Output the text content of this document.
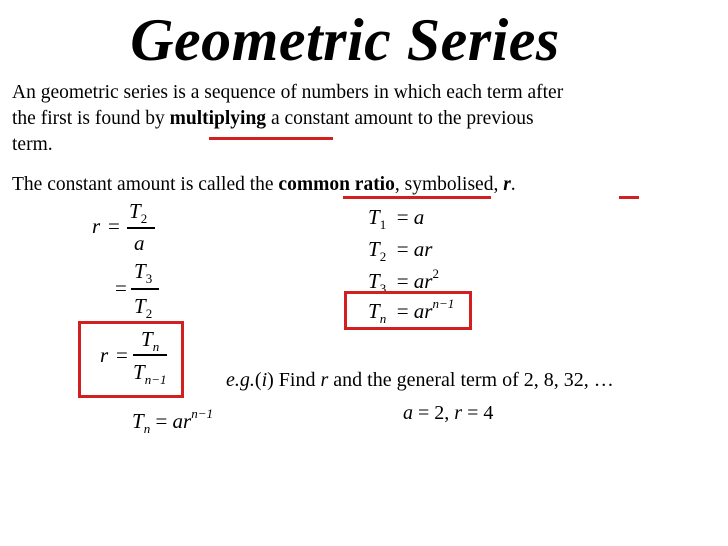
Geometric Series
An geometric series is a sequence of numbers in which each term after
the first is found by multiplying a constant amount to the previous
term.
The constant amount is called the common ratio, symbolised, r.
r =
$T_2$
a
=
$T_3$
$T_2$
r =
$T_n$
$T_{n-1}$
$T_n = ar^{n-1}$
$T_1 = a$
$T_2$ = ar
$T_3 = ar^2$
$T_n = ar^{n-1}$
e.g.(i) Find r and the general term of 2, 8, 32, …
a = 2, r = 4
